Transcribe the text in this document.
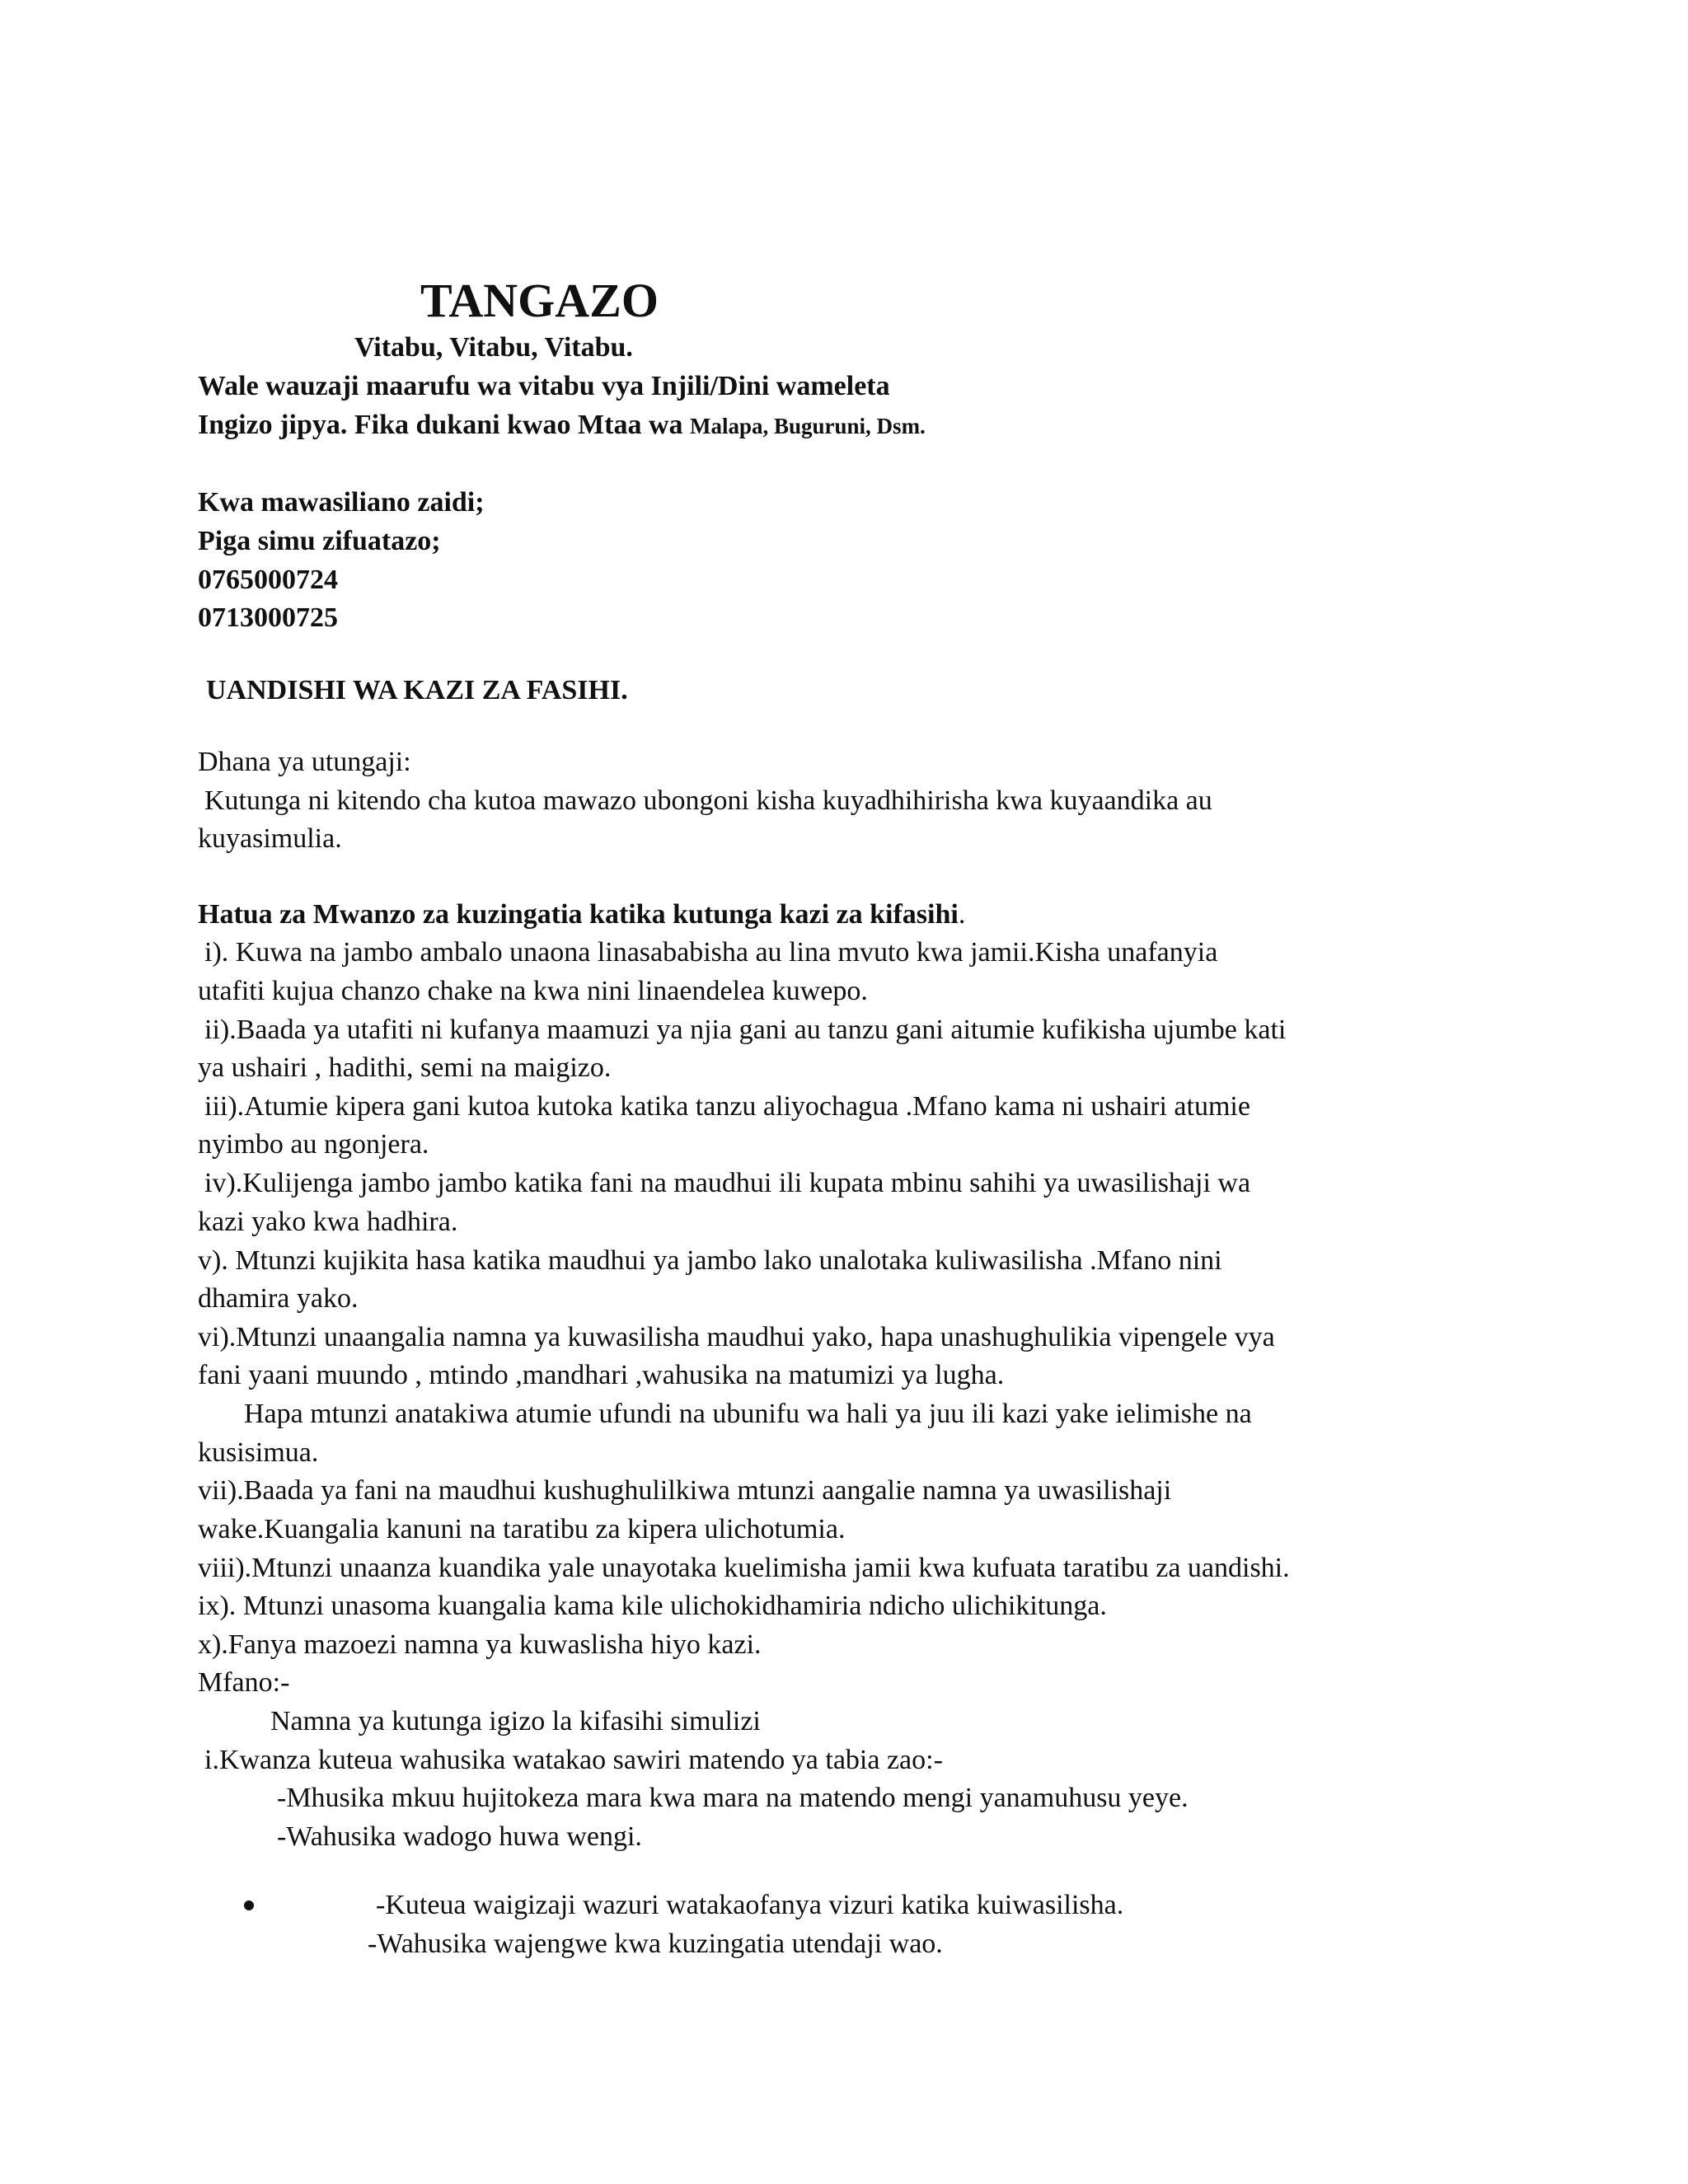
TANGAZO
Vitabu, Vitabu, Vitabu.
Wale wauzaji maarufu wa vitabu vya Injili/Dini wameleta
Ingizo jipya. Fika dukani kwao Mtaa wa Malapa, Buguruni, Dsm.
Kwa mawasiliano zaidi;
Piga simu zifuatazo;
0765000724
0713000725
UANDISHI WA KAZI ZA FASIHI.
Dhana ya utungaji:
Kutunga ni kitendo cha kutoa mawazo ubongoni kisha kuyadhihirisha kwa kuyaandika au
kuyasimulia.
Hatua za Mwanzo za kuzingatia katika kutunga kazi za kifasihi.
i). Kuwa na jambo ambalo unaona linasababisha au lina mvuto kwa jamii.Kisha unafanyia
utafiti kujua chanzo chake na kwa nini linaendelea kuwepo.
ii).Baada ya utafiti ni kufanya maamuzi ya njia gani au tanzu gani aitumie kufikisha ujumbe kati
ya ushairi , hadithi, semi na maigizo.
iii).Atumie kipera gani kutoa kutoka katika tanzu aliyochagua .Mfano kama ni ushairi atumie
nyimbo au ngonjera.
iv).Kulijenga jambo jambo katika fani na maudhui ili kupata mbinu sahihi ya uwasilishaji wa
kazi yako kwa hadhira.
v). Mtunzi kujikita hasa katika maudhui ya jambo lako unalotaka kuliwasilisha .Mfano nini
dhamira yako.
vi).Mtunzi unaangalia namna ya kuwasilisha maudhui yako, hapa unashughulikia vipengele vya
fani yaani muundo , mtindo ,mandhari ,wahusika na matumizi ya lugha.
Hapa mtunzi anatakiwa atumie ufundi na ubunifu wa hali ya juu ili kazi yake ielimishe na
kusisimua.
vii).Baada ya fani na maudhui kushughulilkiwa mtunzi aangalie namna ya uwasilishaji
wake.Kuangalia kanuni na taratibu za kipera ulichotumia.
viii).Mtunzi unaanza kuandika yale unayotaka kuelimisha jamii kwa kufuata taratibu za uandishi.
ix). Mtunzi unasoma kuangalia kama kile ulichokidhamiria ndicho ulichikitunga.
x).Fanya mazoezi namna ya kuwaslisha hiyo kazi.
Mfano:-
Namna ya kutunga igizo la kifasihi simulizi
i.Kwanza kuteua wahusika watakao sawiri matendo ya tabia zao:-
-Mhusika mkuu hujitokeza mara kwa mara na matendo mengi yanamuhusu yeye.
-Wahusika wadogo huwa wengi.
-Kuteua waigizaji wazuri watakaofanya vizuri katika kuiwasilisha.
-Wahusika wajengwe kwa kuzingatia utendaji wao.
